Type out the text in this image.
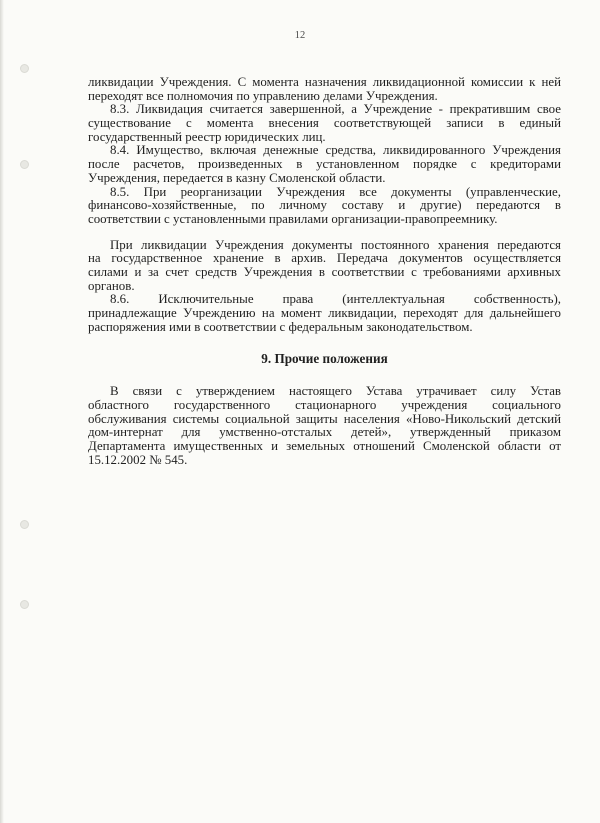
12

ликвидации Учреждения. С момента назначения ликвидационной комиссии к ней
переходят все полномочия по управлению делами Учреждения.
8.3. Ликвидация считается завершенной, а Учреждение - прекратившим свое
существование с момента внесения соответствующей записи в единый
государственный реестр юридических лиц.
8.4. Имущество, включая денежные средства, ликвидированного Учреждения
после расчетов, произведенных в установленном порядке с кредиторами
Учреждения, передается в казну Смоленской области.
8.5. При реорганизации Учреждения все документы (управленческие,
финансово-хозяйственные, по личному составу и другие) передаются в
соответствии с установленными правилами организации-правопреемнику.
При ликвидации Учреждения документы постоянного хранения передаются
на государственное хранение в архив. Передача документов осуществляется
силами и за счет средств Учреждения в соответствии с требованиями архивных
органов.
8.6. Исключительные права (интеллектуальная собственность),
принадлежащие Учреждению на момент ликвидации, переходят для дальнейшего
распоряжения ими в соответствии с федеральным законодательством.
9. Прочие положения
В связи с утверждением настоящего Устава утрачивает силу Устав
областного государственного стационарного учреждения социального
обслуживания системы социальной защиты населения «Ново-Никольский детский
дом-интернат для умственно-отсталых детей», утвержденный приказом
Департамента имущественных и земельных отношений Смоленской области от
15.12.2002 № 545.
